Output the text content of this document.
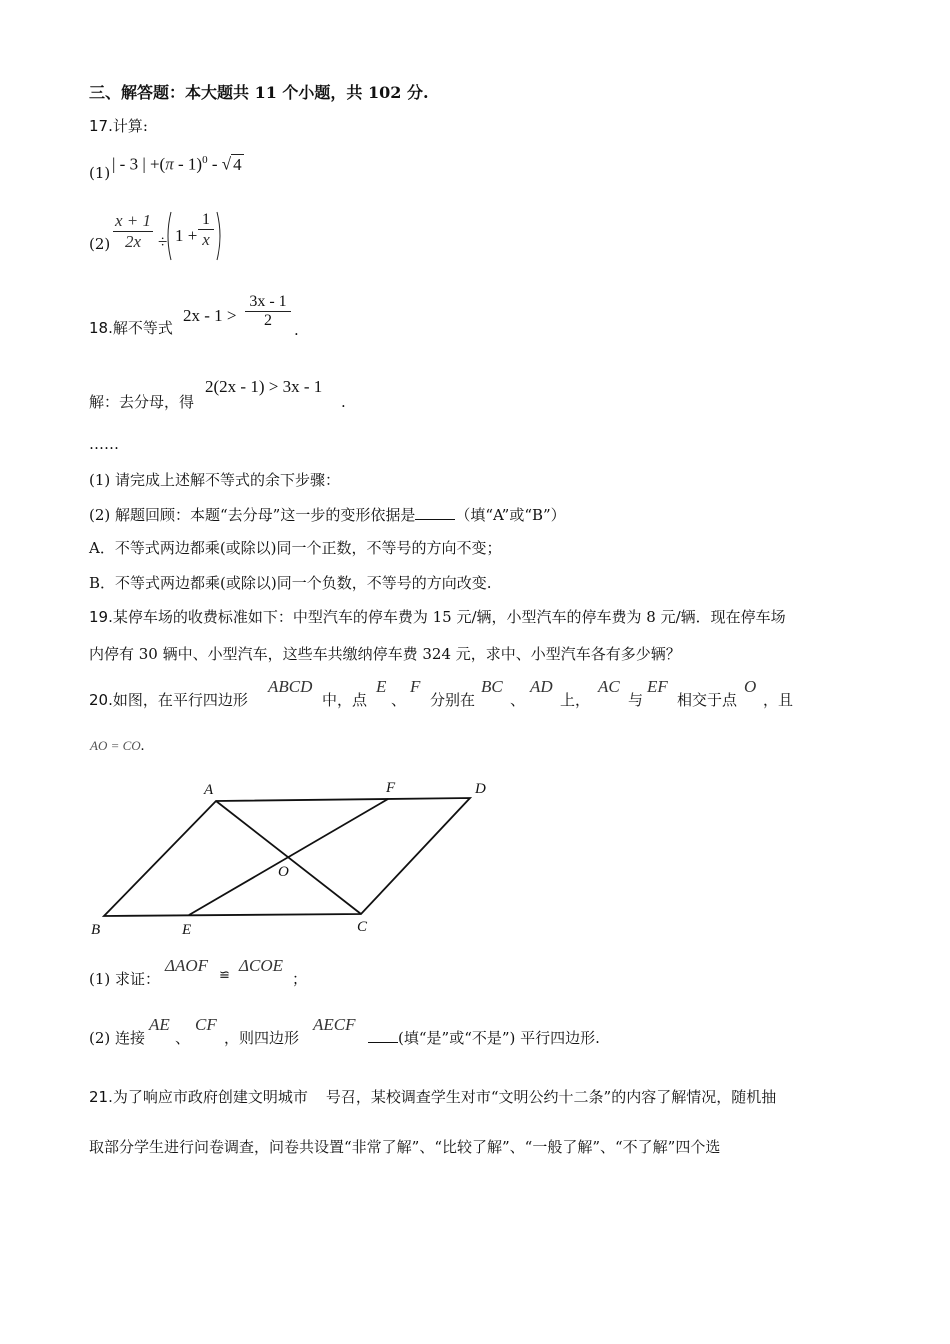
三、解答题：本大题共 11 个小题，共 102 分.
17.计算:
(1) | - 3 | +(π - 1)$^0$ - √ 4
$(2) \frac{x + 1}{2x} \div 1 + \frac{1}{x}$
18.解不等式
$2x - 1 > \frac{3x - 1}{2}$ .
解：去分母，得
2(2x - 1) > 3x - 1
.
……
(1) 请完成上述解不等式的余下步骤：
(2) 解题回顾：本题“去分母”这一步的变形依据是	（填“A”或“B”）
A．不等式两边都乘(或除以)同一个正数，不等号的方向不变；
B．不等式两边都乘(或除以)同一个负数，不等号的方向改变.
19.某停车场的收费标准如下：中型汽车的停车费为 15 元/辆，小型汽车的停车费为 8 元/辆．现在停车场
内停有 30 辆中、小型汽车，这些车共缴纳停车费 324 元，求中、小型汽车各有多少辆？
20.如图，在平行四边形
ABCD
中，点
E
、
F
分别在
BC
、
AD
上，
AC
与
EF
相交于点
O
，且
AO = CO.
A	F	D
O
B	E	C
(1) 求证：
ΔAOF
≌
ΔCOE
；
(2) 连接
AE
、
CF
，则四边形
AECF
(填“是”或“不是”) 平行四边形.
21.为了响应市政府创建文明城市 号召，某校调查学生对市“文明公约十二条”的内容了解情况，随机抽
取部分学生进行问卷调查，问卷共设置“非常了解”、“比较了解”、“一般了解”、“不了解”四个选
